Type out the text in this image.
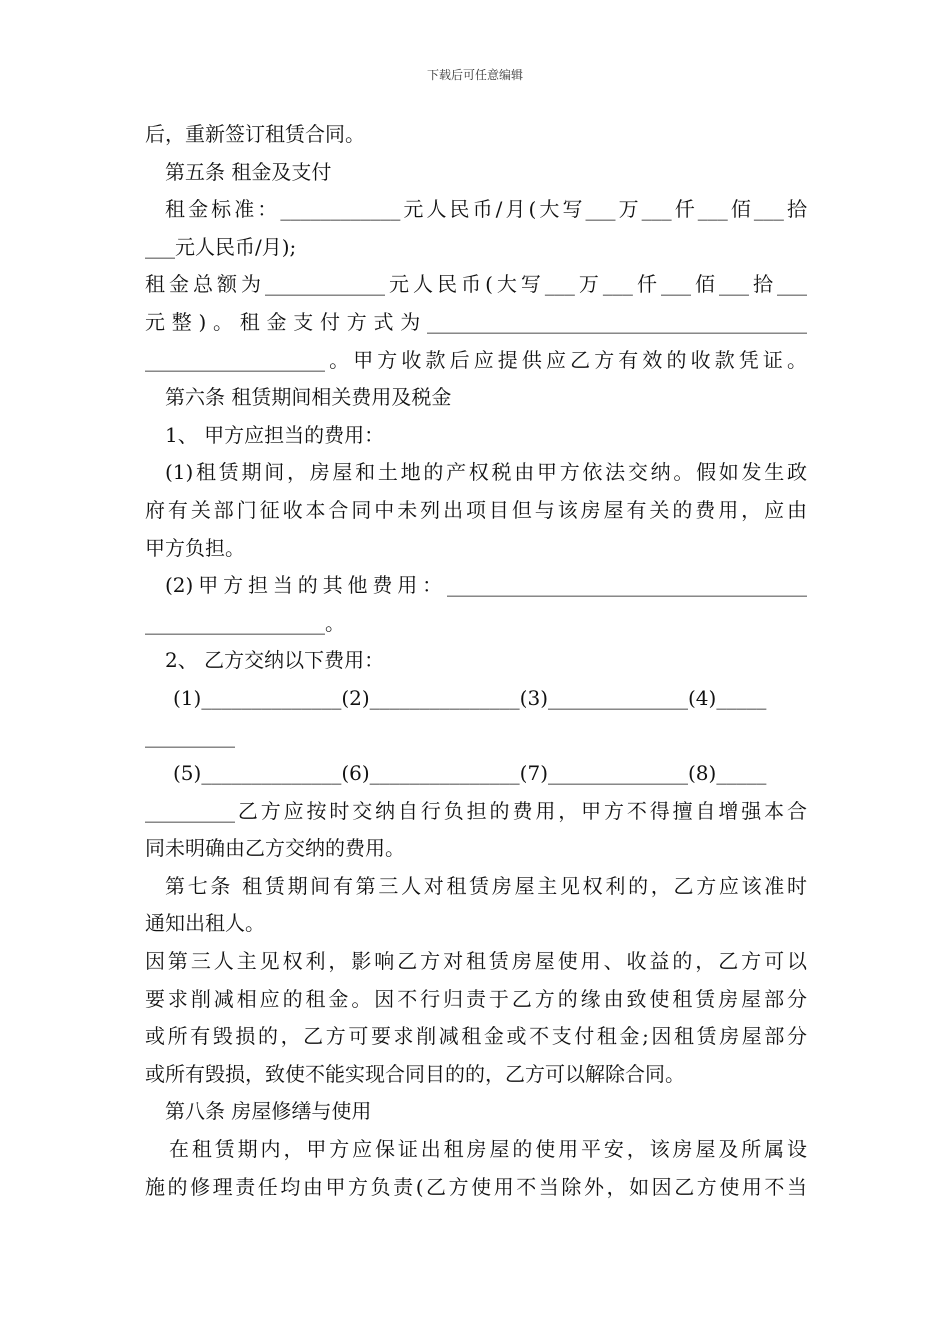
下载后可任意编辑
后，重新签订租赁合同。
第五条 租金及支付
租金标准：____________元人民币/月(大写___万___仟___佰___拾
___元人民币/月);
租金总额为____________元人民币(大写___万___仟___佰___拾___
元整)。租金支付方式为______________________________________
__________________。甲方收款后应提供应乙方有效的收款凭证。
第六条 租赁期间相关费用及税金
1、 甲方应担当的费用：
(1)租赁期间，房屋和土地的产权税由甲方依法交纳。假如发生政
府有关部门征收本合同中未列出项目但与该房屋有关的费用，应由
甲方负担。
(2)甲方担当的其他费用：____________________________________
__________________。
2、 乙方交纳以下费用：
(1)______________(2)_______________(3)______________(4)_____
_________
(5)______________(6)_______________(7)______________(8)_____
_________乙方应按时交纳自行负担的费用，甲方不得擅自增强本合
同未明确由乙方交纳的费用。
第七条 租赁期间有第三人对租赁房屋主见权利的，乙方应该准时
通知出租人。
因第三人主见权利，影响乙方对租赁房屋使用、收益的，乙方可以
要求削减相应的租金。因不行归责于乙方的缘由致使租赁房屋部分
或所有毁损的，乙方可要求削减租金或不支付租金;因租赁房屋部分
或所有毁损，致使不能实现合同目的的，乙方可以解除合同。
第八条 房屋修缮与使用
在租赁期内，甲方应保证出租房屋的使用平安，该房屋及所属设
施的修理责任均由甲方负责(乙方使用不当除外，如因乙方使用不当
